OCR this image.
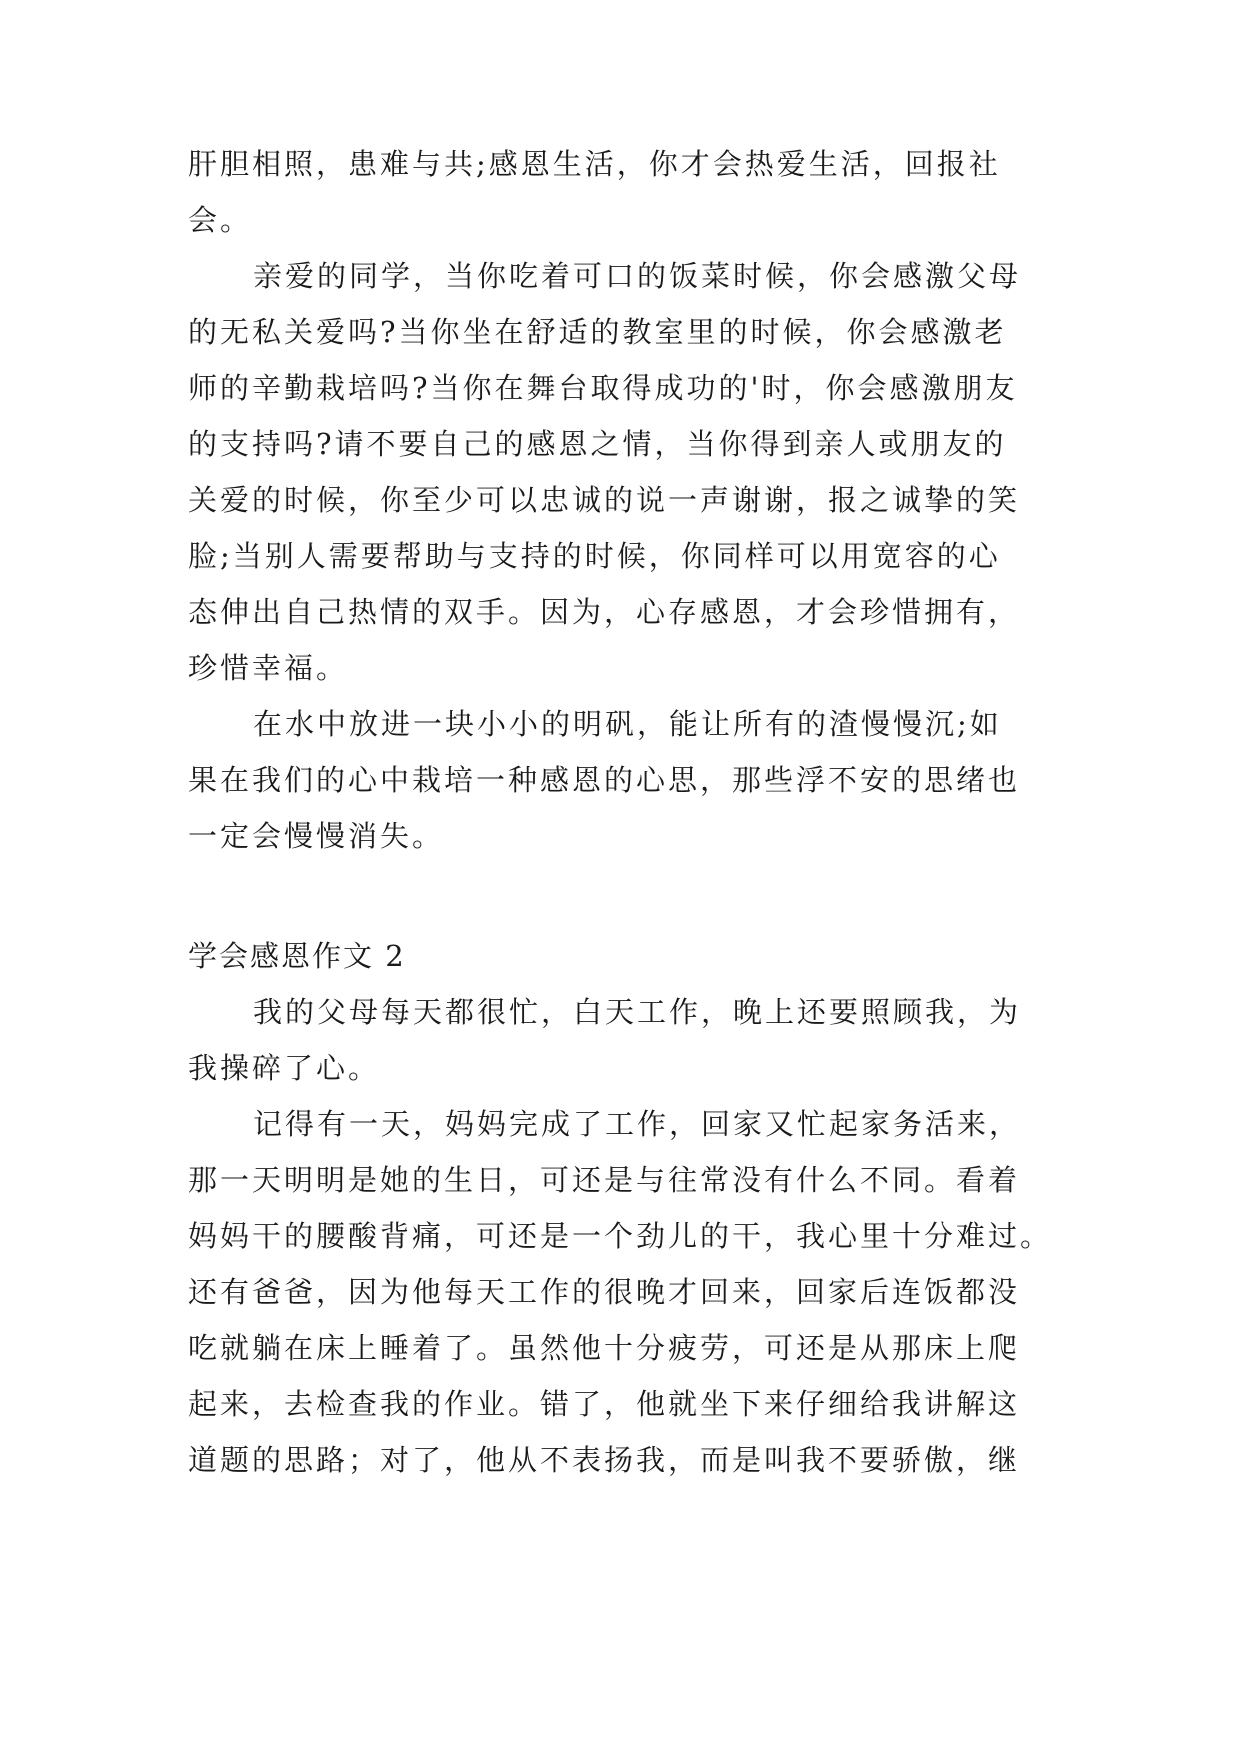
肝胆相照，患难与共;感恩生活，你才会热爱生活，回报社
会。
亲爱的同学，当你吃着可口的饭菜时候，你会感激父母
的无私关爱吗?当你坐在舒适的教室里的时候，你会感激老
师的辛勤栽培吗?当你在舞台取得成功的'时，你会感激朋友
的支持吗?请不要自己的感恩之情，当你得到亲人或朋友的
关爱的时候，你至少可以忠诚的说一声谢谢，报之诚挚的笑
脸;当别人需要帮助与支持的时候，你同样可以用宽容的心
态伸出自己热情的双手。因为，心存感恩，才会珍惜拥有，
珍惜幸福。
在水中放进一块小小的明矾，能让所有的渣慢慢沉;如
果在我们的心中栽培一种感恩的心思，那些浮不安的思绪也
一定会慢慢消失。
学会感恩作文 2
我的父母每天都很忙，白天工作，晚上还要照顾我，为
我操碎了心。
记得有一天，妈妈完成了工作，回家又忙起家务活来，
那一天明明是她的生日，可还是与往常没有什么不同。看着
妈妈干的腰酸背痛，可还是一个劲儿的干，我心里十分难过。
还有爸爸，因为他每天工作的很晚才回来，回家后连饭都没
吃就躺在床上睡着了。虽然他十分疲劳，可还是从那床上爬
起来，去检查我的作业。错了，他就坐下来仔细给我讲解这
道题的思路；对了，他从不表扬我，而是叫我不要骄傲，继
